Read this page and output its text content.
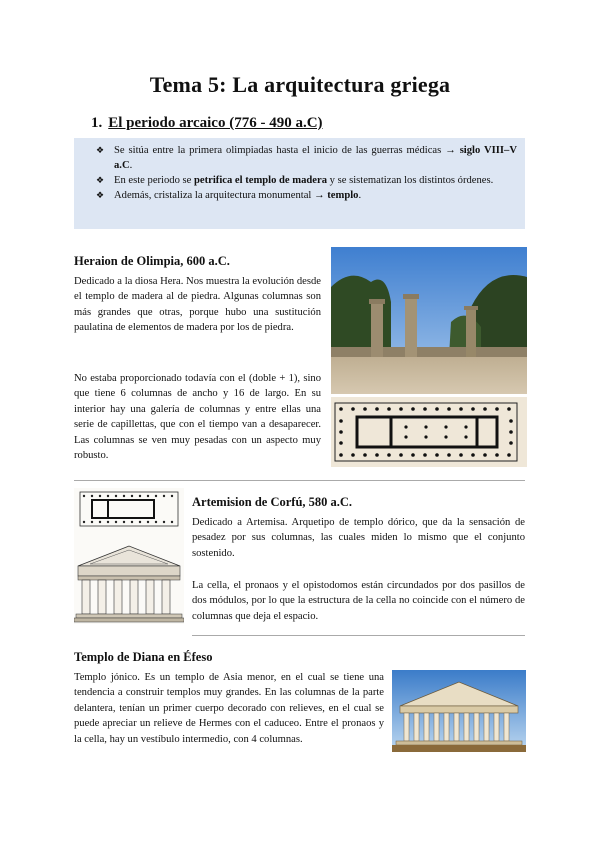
Tema 5: La arquitectura griega
1. El periodo arcaico (776 - 490 a.C)

❖ Se sitúa entre la primera olimpiadas hasta el inicio de las guerras médicas → siglo VIII–V a.C.

❖ En este periodo se petrifica el templo de madera y se sistematizan los distintos órdenes.

❖ Además, cristaliza la arquitectura monumental → templo.

Heraion de Olimpia, 600 a.C.

Dedicado a la diosa Hera. Nos muestra la evolución desde el templo de madera al de piedra. Algunas columnas son más grandes que otras, porque hubo una sustitución paulatina de elementos de madera por los de piedra.

No estaba proporcionado todavía con el (doble + 1), sino que tiene 6 columnas de ancho y 16 de largo. En su interior hay una galería de columnas y entre ellas una serie de capillettas, que con el tiempo van a desaparecer. Las columnas se ven muy pesadas con un aspecto muy robusto.

Artemision de Corfú, 580 a.C.

Dedicado a Artemisa. Arquetipo de templo dórico, que da la sensación de pesadez por sus columnas, las cuales miden lo mismo que el conjunto sostenido.

La cella, el pronaos y el opistodomos están circundados por dos pasillos de dos módulos, por lo que la estructura de la cella no coincide con el número de columnas que deja el espacio.

Templo de Diana en Éfeso

Templo jónico. Es un templo de Asia menor, en el cual se tiene una tendencia a construir templos muy grandes. En las columnas de la parte delantera, tenían un primer cuerpo decorado con relieves, en el cual se puede apreciar un relieve de Hermes con el caduceo. Entre el pronaos y la cella, hay un vestíbulo intermedio, con 4 columnas.
